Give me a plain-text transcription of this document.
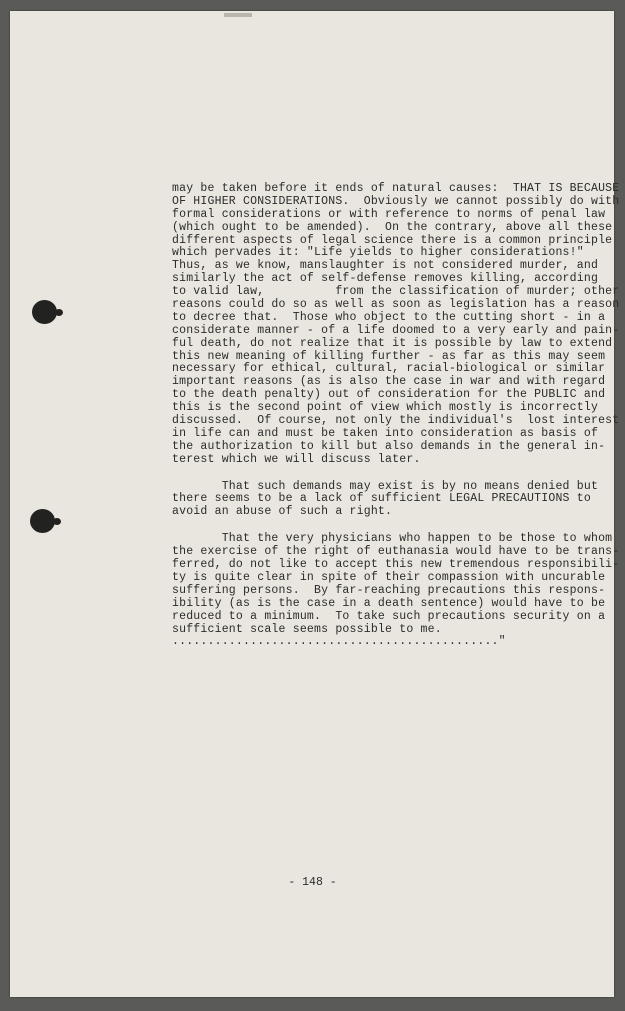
may be taken before it ends of natural causes:  THAT IS BECAUSE
OF HIGHER CONSIDERATIONS.  Obviously we cannot possibly do with
formal considerations or with reference to norms of penal law
(which ought to be amended).  On the contrary, above all these
different aspects of legal science there is a common principle
which pervades it: "Life yields to higher considerations!"
Thus, as we know, manslaughter is not considered murder, and
similarly the act of self-defense removes killing, according
to valid law,          from the classification of murder; other
reasons could do so as well as soon as legislation has a reason
to decree that.  Those who object to the cutting short - in a
considerate manner - of a life doomed to a very early and pain-
ful death, do not realize that it is possible by law to extend
this new meaning of killing further - as far as this may seem
necessary for ethical, cultural, racial-biological or similar
important reasons (as is also the case in war and with regard
to the death penalty) out of consideration for the PUBLIC and
this is the second point of view which mostly is incorrectly
discussed.  Of course, not only the individual's  lost interest
in life can and must be taken into consideration as basis of
the authorization to kill but also demands in the general in-
terest which we will discuss later.
That such demands may exist is by no means denied but
there seems to be a lack of sufficient LEGAL PRECAUTIONS to
avoid an abuse of such a right.
That the very physicians who happen to be those to whom
the exercise of the right of euthanasia would have to be trans-
ferred, do not like to accept this new tremendous responsibili-
ty is quite clear in spite of their compassion with uncurable
suffering persons.  By far-reaching precautions this respons-
ibility (as is the case in a death sentence) would have to be
reduced to a minimum.  To take such precautions security on a
sufficient scale seems possible to me.
.............................................."
- 148 -
